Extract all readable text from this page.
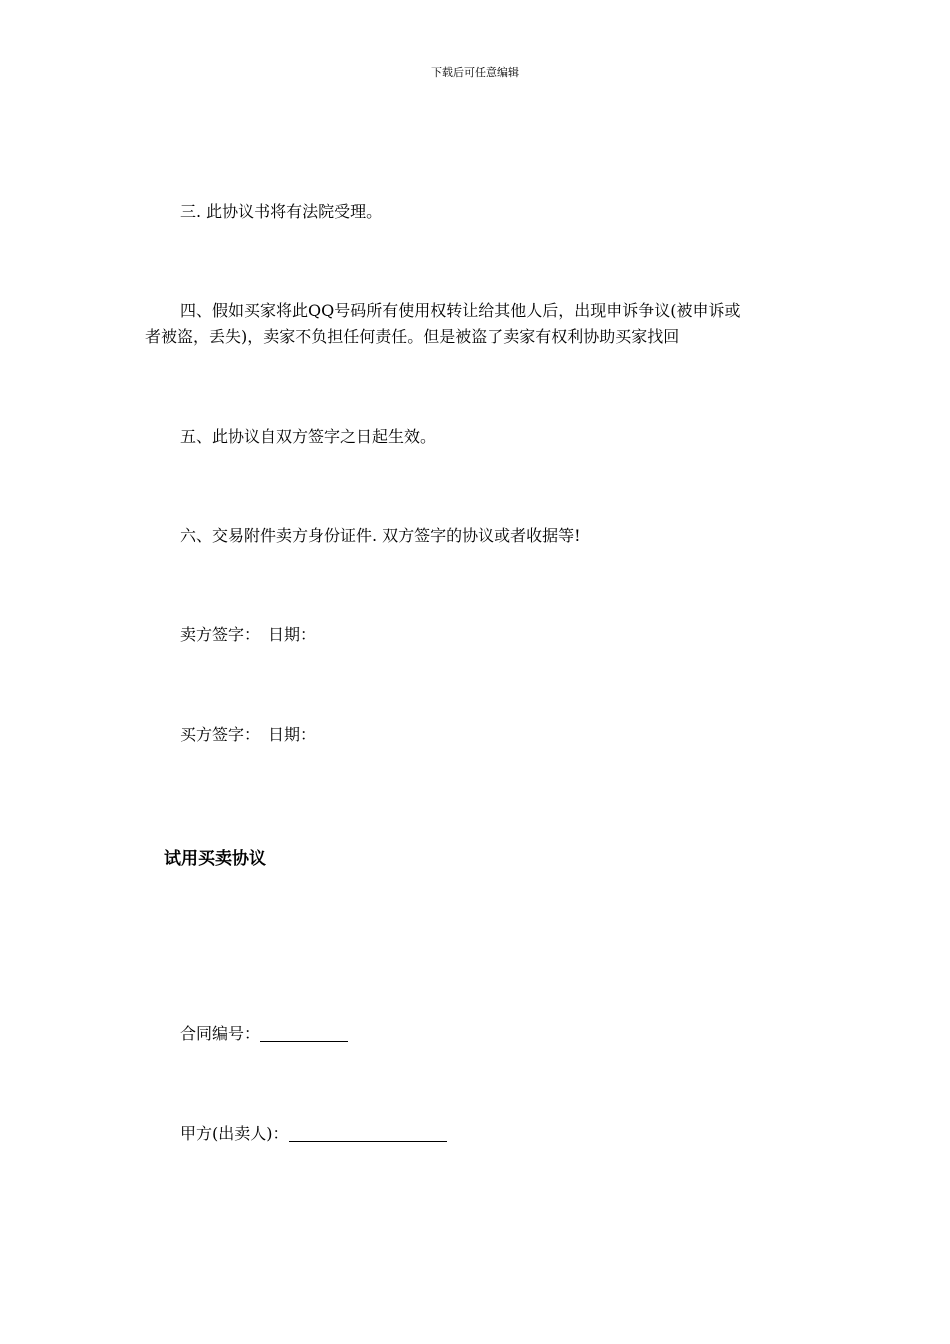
下载后可任意编辑

三. 此协议书将有法院受理。

四、假如买家将此QQ号码所有使用权转让给其他人后，出现申诉争议(被申诉或
者被盗，丢失)，卖家不负担任何责任。但是被盗了卖家有权利协助买家找回

五、此协议自双方签字之日起生效。

六、交易附件卖方身份证件. 双方签字的协议或者收据等!

卖方签字：　日期：

买方签字：　日期：

试用买卖协议

合同编号：

甲方(出卖人)：
